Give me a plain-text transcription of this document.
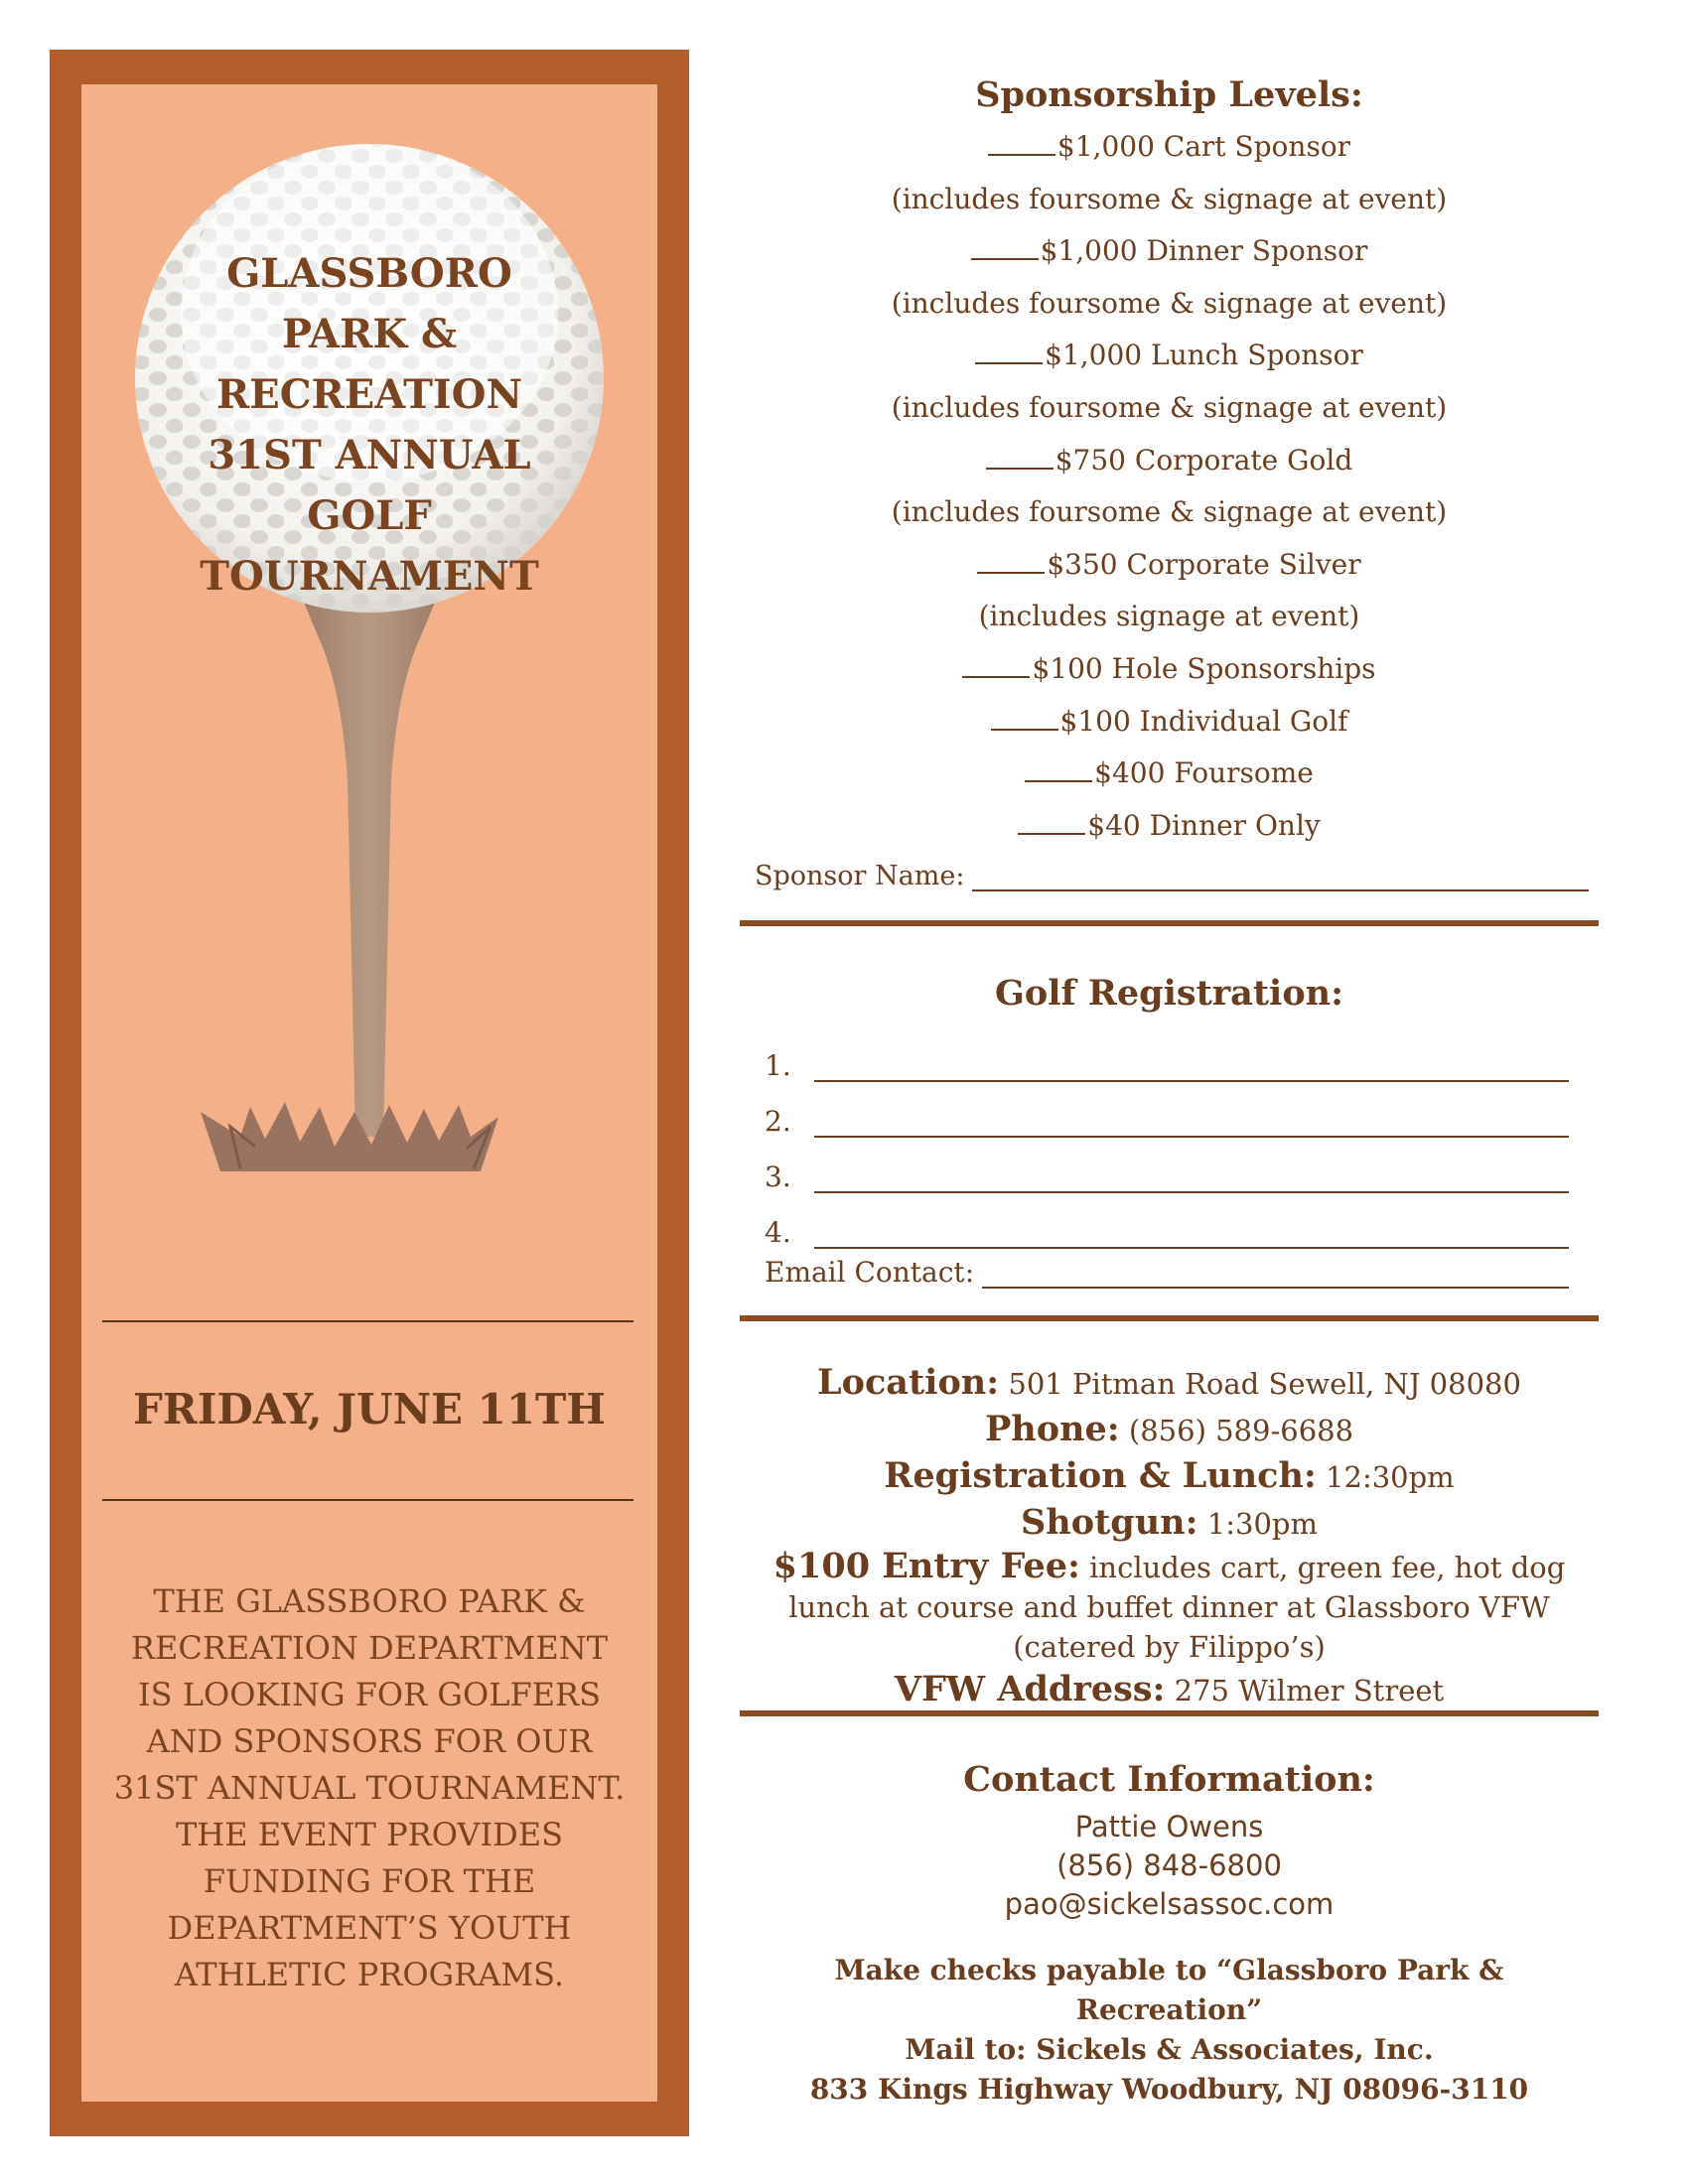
GLASSBORO
PARK & RECREATION
31ST ANNUAL
GOLF
TOURNAMENT
FRIDAY, JUNE 11TH
THE GLASSBORO PARK & RECREATION DEPARTMENT IS LOOKING FOR GOLFERS AND SPONSORS FOR OUR 31ST ANNUAL TOURNAMENT. THE EVENT PROVIDES FUNDING FOR THE DEPARTMENT’S YOUTH ATHLETIC PROGRAMS.
Sponsorship Levels:
$1,000 Cart Sponsor
(includes foursome & signage at event)
$1,000 Dinner Sponsor
(includes foursome & signage at event)
$1,000 Lunch Sponsor
(includes foursome & signage at event)
$750 Corporate Gold
(includes foursome & signage at event)
$350 Corporate Silver
(includes signage at event)
$100 Hole Sponsorships
$100 Individual Golf
$400 Foursome
$40 Dinner Only
Sponsor Name:
Golf Registration:
1.
2.
3.
4.
Email Contact:
Location: 501 Pitman Road Sewell, NJ 08080
Phone: (856) 589-6688
Registration & Lunch: 12:30pm
Shotgun: 1:30pm
$100 Entry Fee: includes cart, green fee, hot dog lunch at course and buffet dinner at Glassboro VFW
(catered by Filippo’s)
VFW Address: 275 Wilmer Street
Contact Information:
Pattie Owens
(856) 848-6800
pao@sickelsassoc.com
Make checks payable to “Glassboro Park & Recreation”
Mail to: Sickels & Associates, Inc.
833 Kings Highway Woodbury, NJ 08096-3110
